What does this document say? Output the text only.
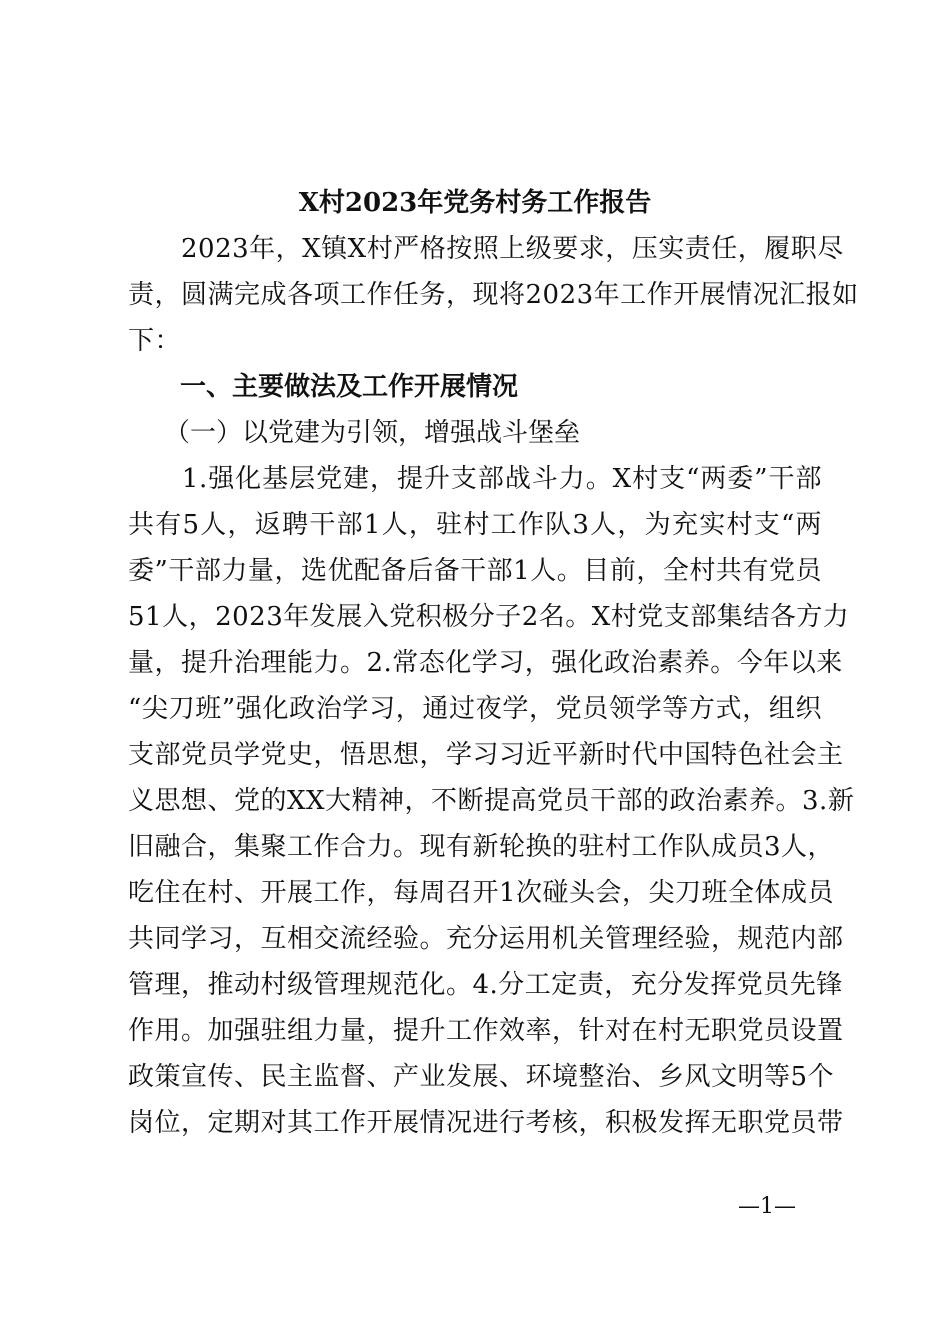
X村2023年党务村务工作报告
　　2023年，X镇X村严格按照上级要求，压实责任，履职尽
责，圆满完成各项工作任务，现将2023年工作开展情况汇报如
下：
一、主要做法及工作开展情况
（一）以党建为引领，增强战斗堡垒
　　1.强化基层党建，提升支部战斗力。X村支“两委”干部
共有5人，返聘干部1人，驻村工作队3人，为充实村支“两
委”干部力量，选优配备后备干部1人。目前，全村共有党员
51人，2023年发展入党积极分子2名。X村党支部集结各方力
量，提升治理能力。2.常态化学习，强化政治素养。今年以来
“尖刀班”强化政治学习，通过夜学，党员领学等方式，组织
支部党员学党史，悟思想，学习习近平新时代中国特色社会主
义思想、党的XX大精神，不断提高党员干部的政治素养。3.新
旧融合，集聚工作合力。现有新轮换的驻村工作队成员3人，
吃住在村、开展工作，每周召开1次碰头会，尖刀班全体成员
共同学习，互相交流经验。充分运用机关管理经验，规范内部
管理，推动村级管理规范化。4.分工定责，充分发挥党员先锋
作用。加强驻组力量，提升工作效率，针对在村无职党员设置
政策宣传、民主监督、产业发展、环境整治、乡风文明等5个
岗位，定期对其工作开展情况进行考核，积极发挥无职党员带
—1—
